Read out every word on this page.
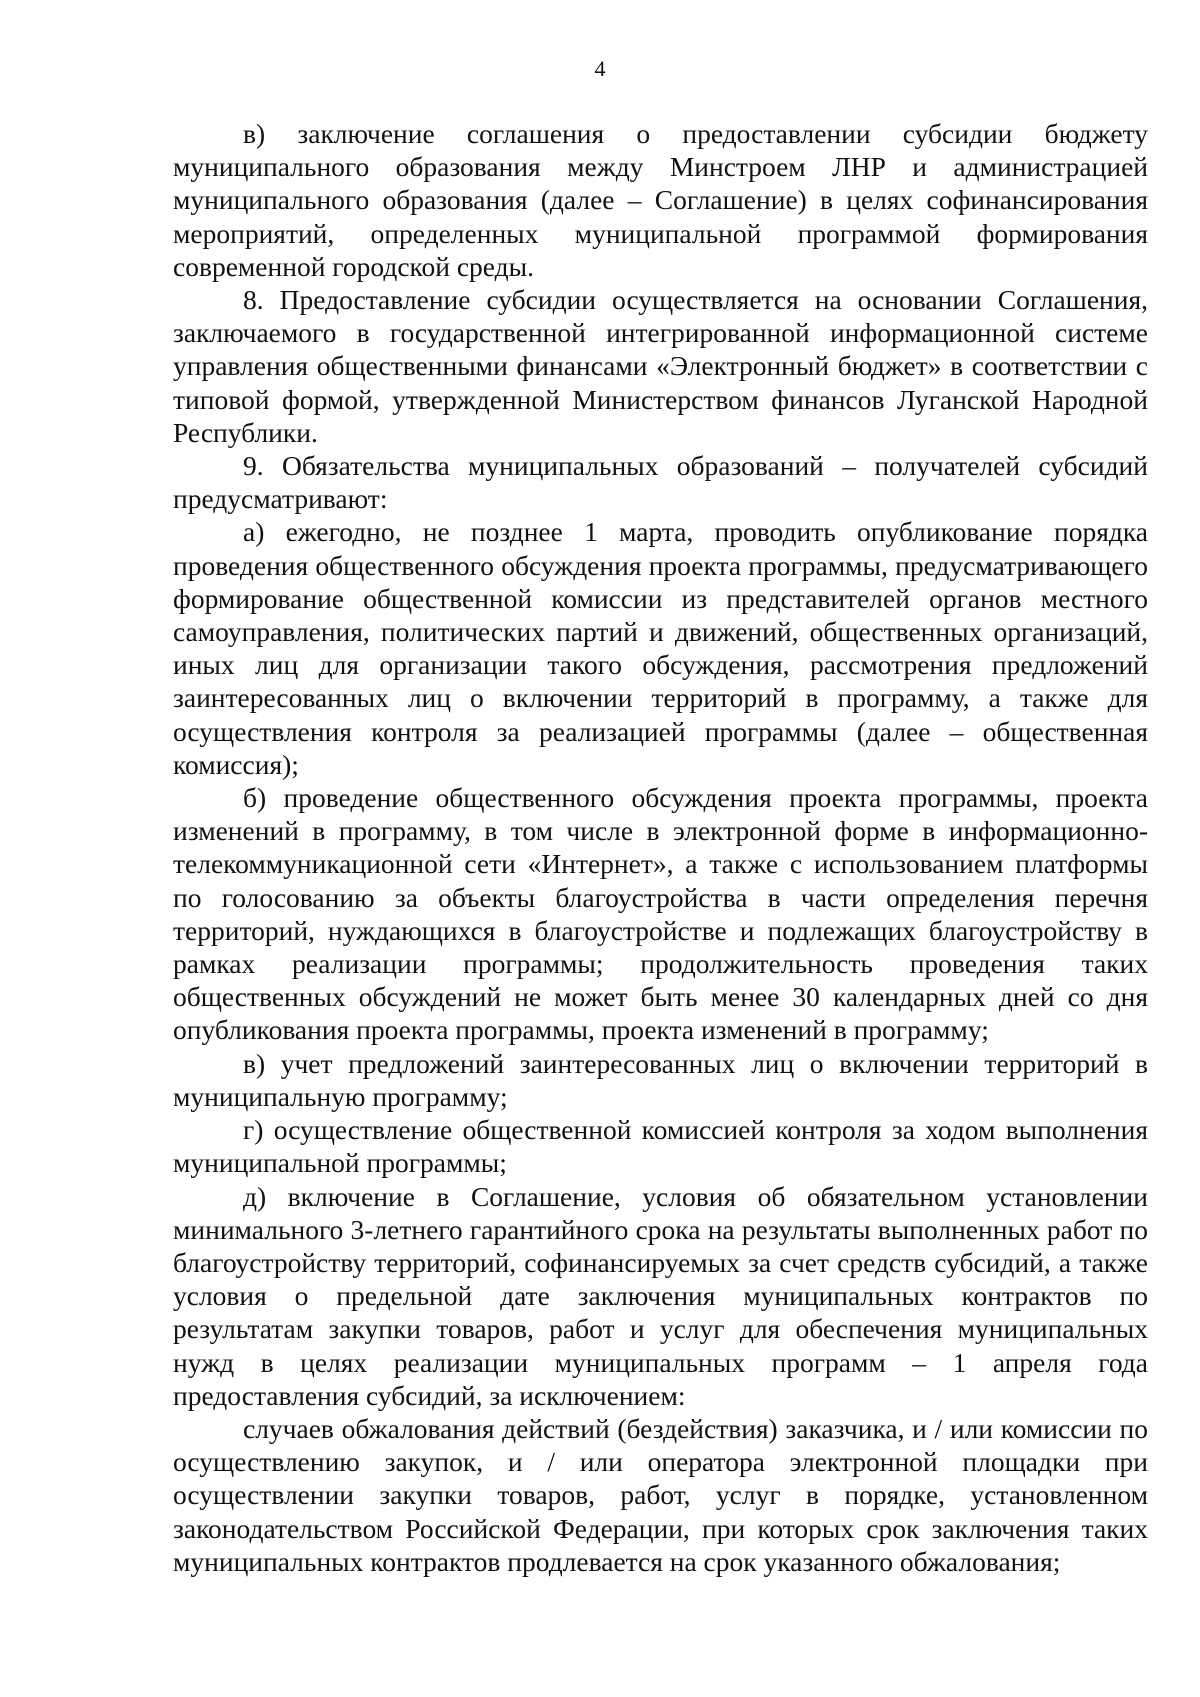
4

в) заключение соглашения о предоставлении субсидии бюджету муниципального образования между Минстроем ЛНР и администрацией муниципального образования (далее – Соглашение) в целях софинансирования мероприятий, определенных муниципальной программой формирования современной городской среды.

8. Предоставление субсидии осуществляется на основании Соглашения, заключаемого в государственной интегрированной информационной системе управления общественными финансами «Электронный бюджет» в соответствии с типовой формой, утвержденной Министерством финансов Луганской Народной Республики.

9. Обязательства муниципальных образований – получателей субсидий предусматривают:

а) ежегодно, не позднее 1 марта, проводить опубликование порядка проведения общественного обсуждения проекта программы, предусматривающего формирование общественной комиссии из представителей органов местного самоуправления, политических партий и движений, общественных организаций, иных лиц для организации такого обсуждения, рассмотрения предложений заинтересованных лиц о включении территорий в программу, а также для осуществления контроля за реализацией программы (далее – общественная комиссия);

б) проведение общественного обсуждения проекта программы, проекта изменений в программу, в том числе в электронной форме в информационно-телекоммуникационной сети «Интернет», а также с использованием платформы по голосованию за объекты благоустройства в части определения перечня территорий, нуждающихся в благоустройстве и подлежащих благоустройству в рамках реализации программы; продолжительность проведения таких общественных обсуждений не может быть менее 30 календарных дней со дня опубликования проекта программы, проекта изменений в программу;

в) учет предложений заинтересованных лиц о включении территорий в муниципальную программу;

г) осуществление общественной комиссией контроля за ходом выполнения муниципальной программы;

д) включение в Соглашение, условия об обязательном установлении минимального 3-летнего гарантийного срока на результаты выполненных работ по благоустройству территорий, софинансируемых за счет средств субсидий, а также условия о предельной дате заключения муниципальных контрактов по результатам закупки товаров, работ и услуг для обеспечения муниципальных нужд в целях реализации муниципальных программ – 1 апреля года предоставления субсидий, за исключением:

случаев обжалования действий (бездействия) заказчика, и / или комиссии по осуществлению закупок, и / или оператора электронной площадки при осуществлении закупки товаров, работ, услуг в порядке, установленном законодательством Российской Федерации, при которых срок заключения таких муниципальных контрактов продлевается на срок указанного обжалования;
